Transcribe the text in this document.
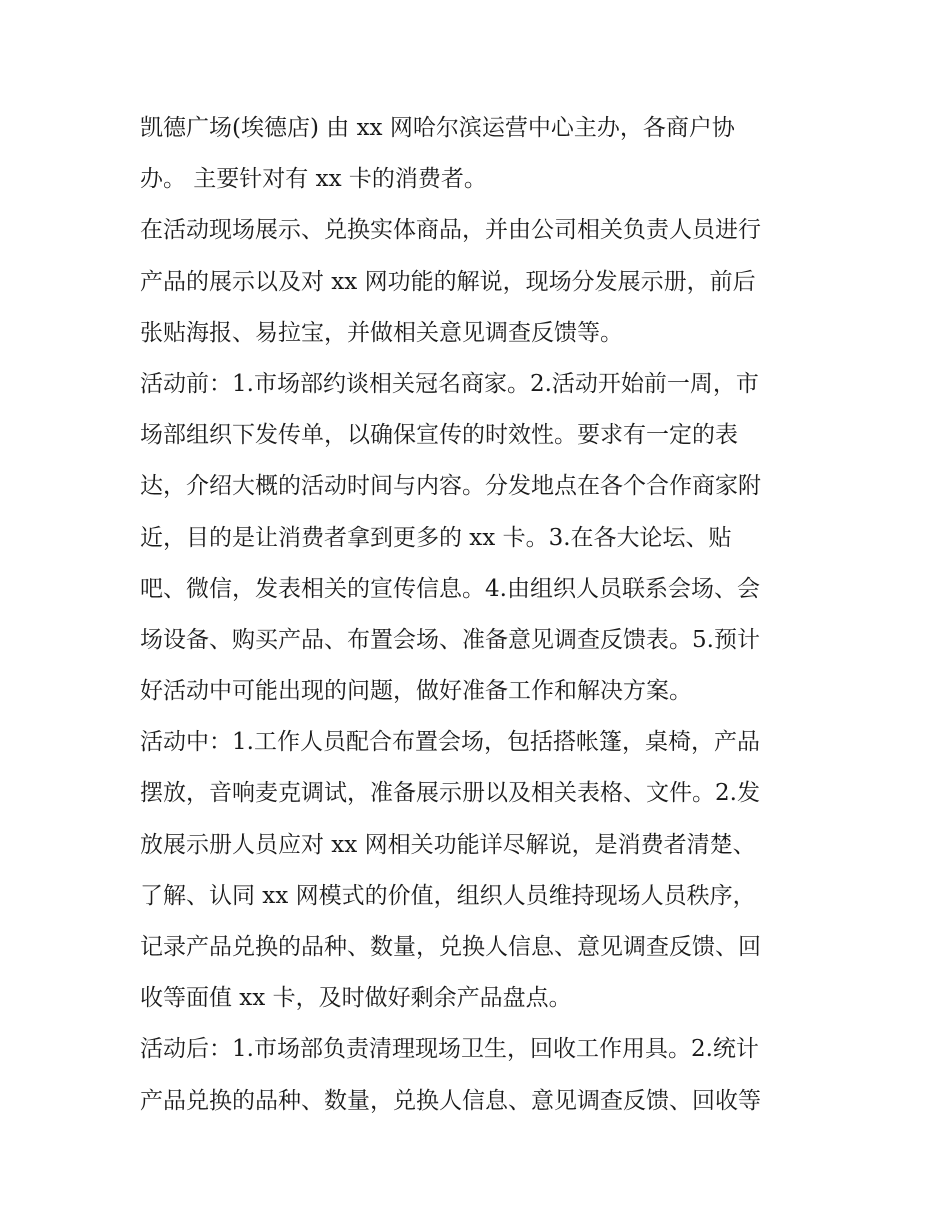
凯德广场(埃德店) 由 xx 网哈尔滨运营中心主办，各商户协
办。 主要针对有 xx 卡的消费者。
在活动现场展示、兑换实体商品，并由公司相关负责人员进行
产品的展示以及对 xx 网功能的解说，现场分发展示册，前后
张贴海报、易拉宝，并做相关意见调查反馈等。
活动前：1.市场部约谈相关冠名商家。2.活动开始前一周，市
场部组织下发传单，以确保宣传的时效性。要求有一定的表
达，介绍大概的活动时间与内容。分发地点在各个合作商家附
近，目的是让消费者拿到更多的 xx 卡。3.在各大论坛、贴
吧、微信，发表相关的宣传信息。4.由组织人员联系会场、会
场设备、购买产品、布置会场、准备意见调查反馈表。5.预计
好活动中可能出现的问题，做好准备工作和解决方案。
活动中：1.工作人员配合布置会场，包括搭帐篷，桌椅，产品
摆放，音响麦克调试，准备展示册以及相关表格、文件。2.发
放展示册人员应对 xx 网相关功能详尽解说，是消费者清楚、
了解、认同 xx 网模式的价值，组织人员维持现场人员秩序，
记录产品兑换的品种、数量，兑换人信息、意见调查反馈、回
收等面值 xx 卡，及时做好剩余产品盘点。
活动后：1.市场部负责清理现场卫生，回收工作用具。2.统计
产品兑换的品种、数量，兑换人信息、意见调查反馈、回收等
